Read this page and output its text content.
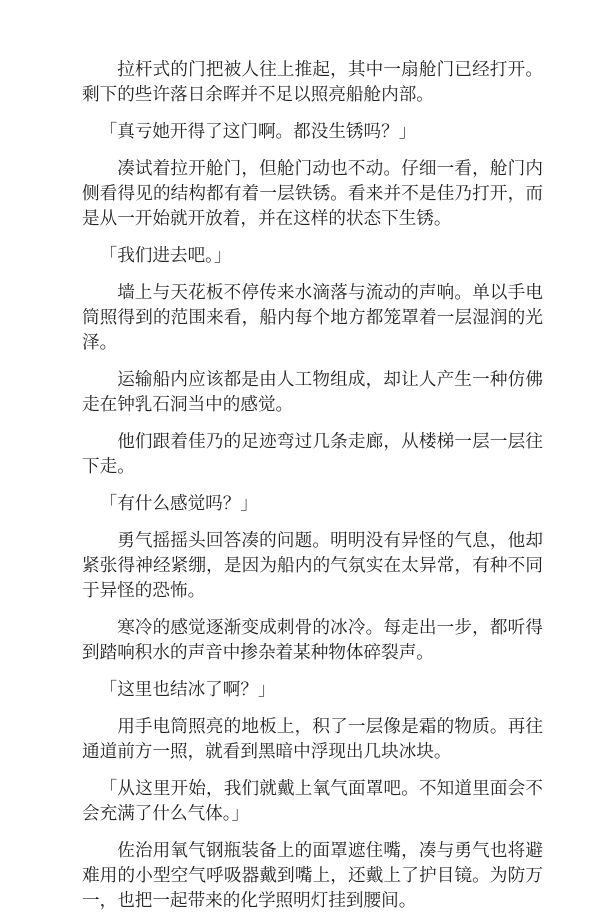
拉杆式的门把被人往上推起，其中一扇舱门已经打开。剩下的些许落日余晖并不足以照亮船舱内部。

「真亏她开得了这门啊。都没生锈吗？」

凑试着拉开舱门，但舱门动也不动。仔细一看，舱门内侧看得见的结构都有着一层铁锈。看来并不是佳乃打开，而是从一开始就开放着，并在这样的状态下生锈。

「我们进去吧。」

墙上与天花板不停传来水滴落与流动的声响。单以手电筒照得到的范围来看，船内每个地方都笼罩着一层湿润的光泽。

运输船内应该都是由人工物组成，却让人产生一种仿佛走在钟乳石洞当中的感觉。

他们跟着佳乃的足迹弯过几条走廊，从楼梯一层一层往下走。

「有什么感觉吗？」

勇气摇摇头回答凑的问题。明明没有异怪的气息，他却紧张得神经紧绷，是因为船内的气氛实在太异常，有种不同于异怪的恐怖。

寒冷的感觉逐渐变成刺骨的冰冷。每走出一步，都听得到踏响积水的声音中掺杂着某种物体碎裂声。

「这里也结冰了啊？」

用手电筒照亮的地板上，积了一层像是霜的物质。再往通道前方一照，就看到黑暗中浮现出几块冰块。

「从这里开始，我们就戴上氧气面罩吧。不知道里面会不会充满了什么气体。」

佐治用氧气钢瓶装备上的面罩遮住嘴，凑与勇气也将避难用的小型空气呼吸器戴到嘴上，还戴上了护目镜。为防万一，也把一起带来的化学照明灯挂到腰间。
